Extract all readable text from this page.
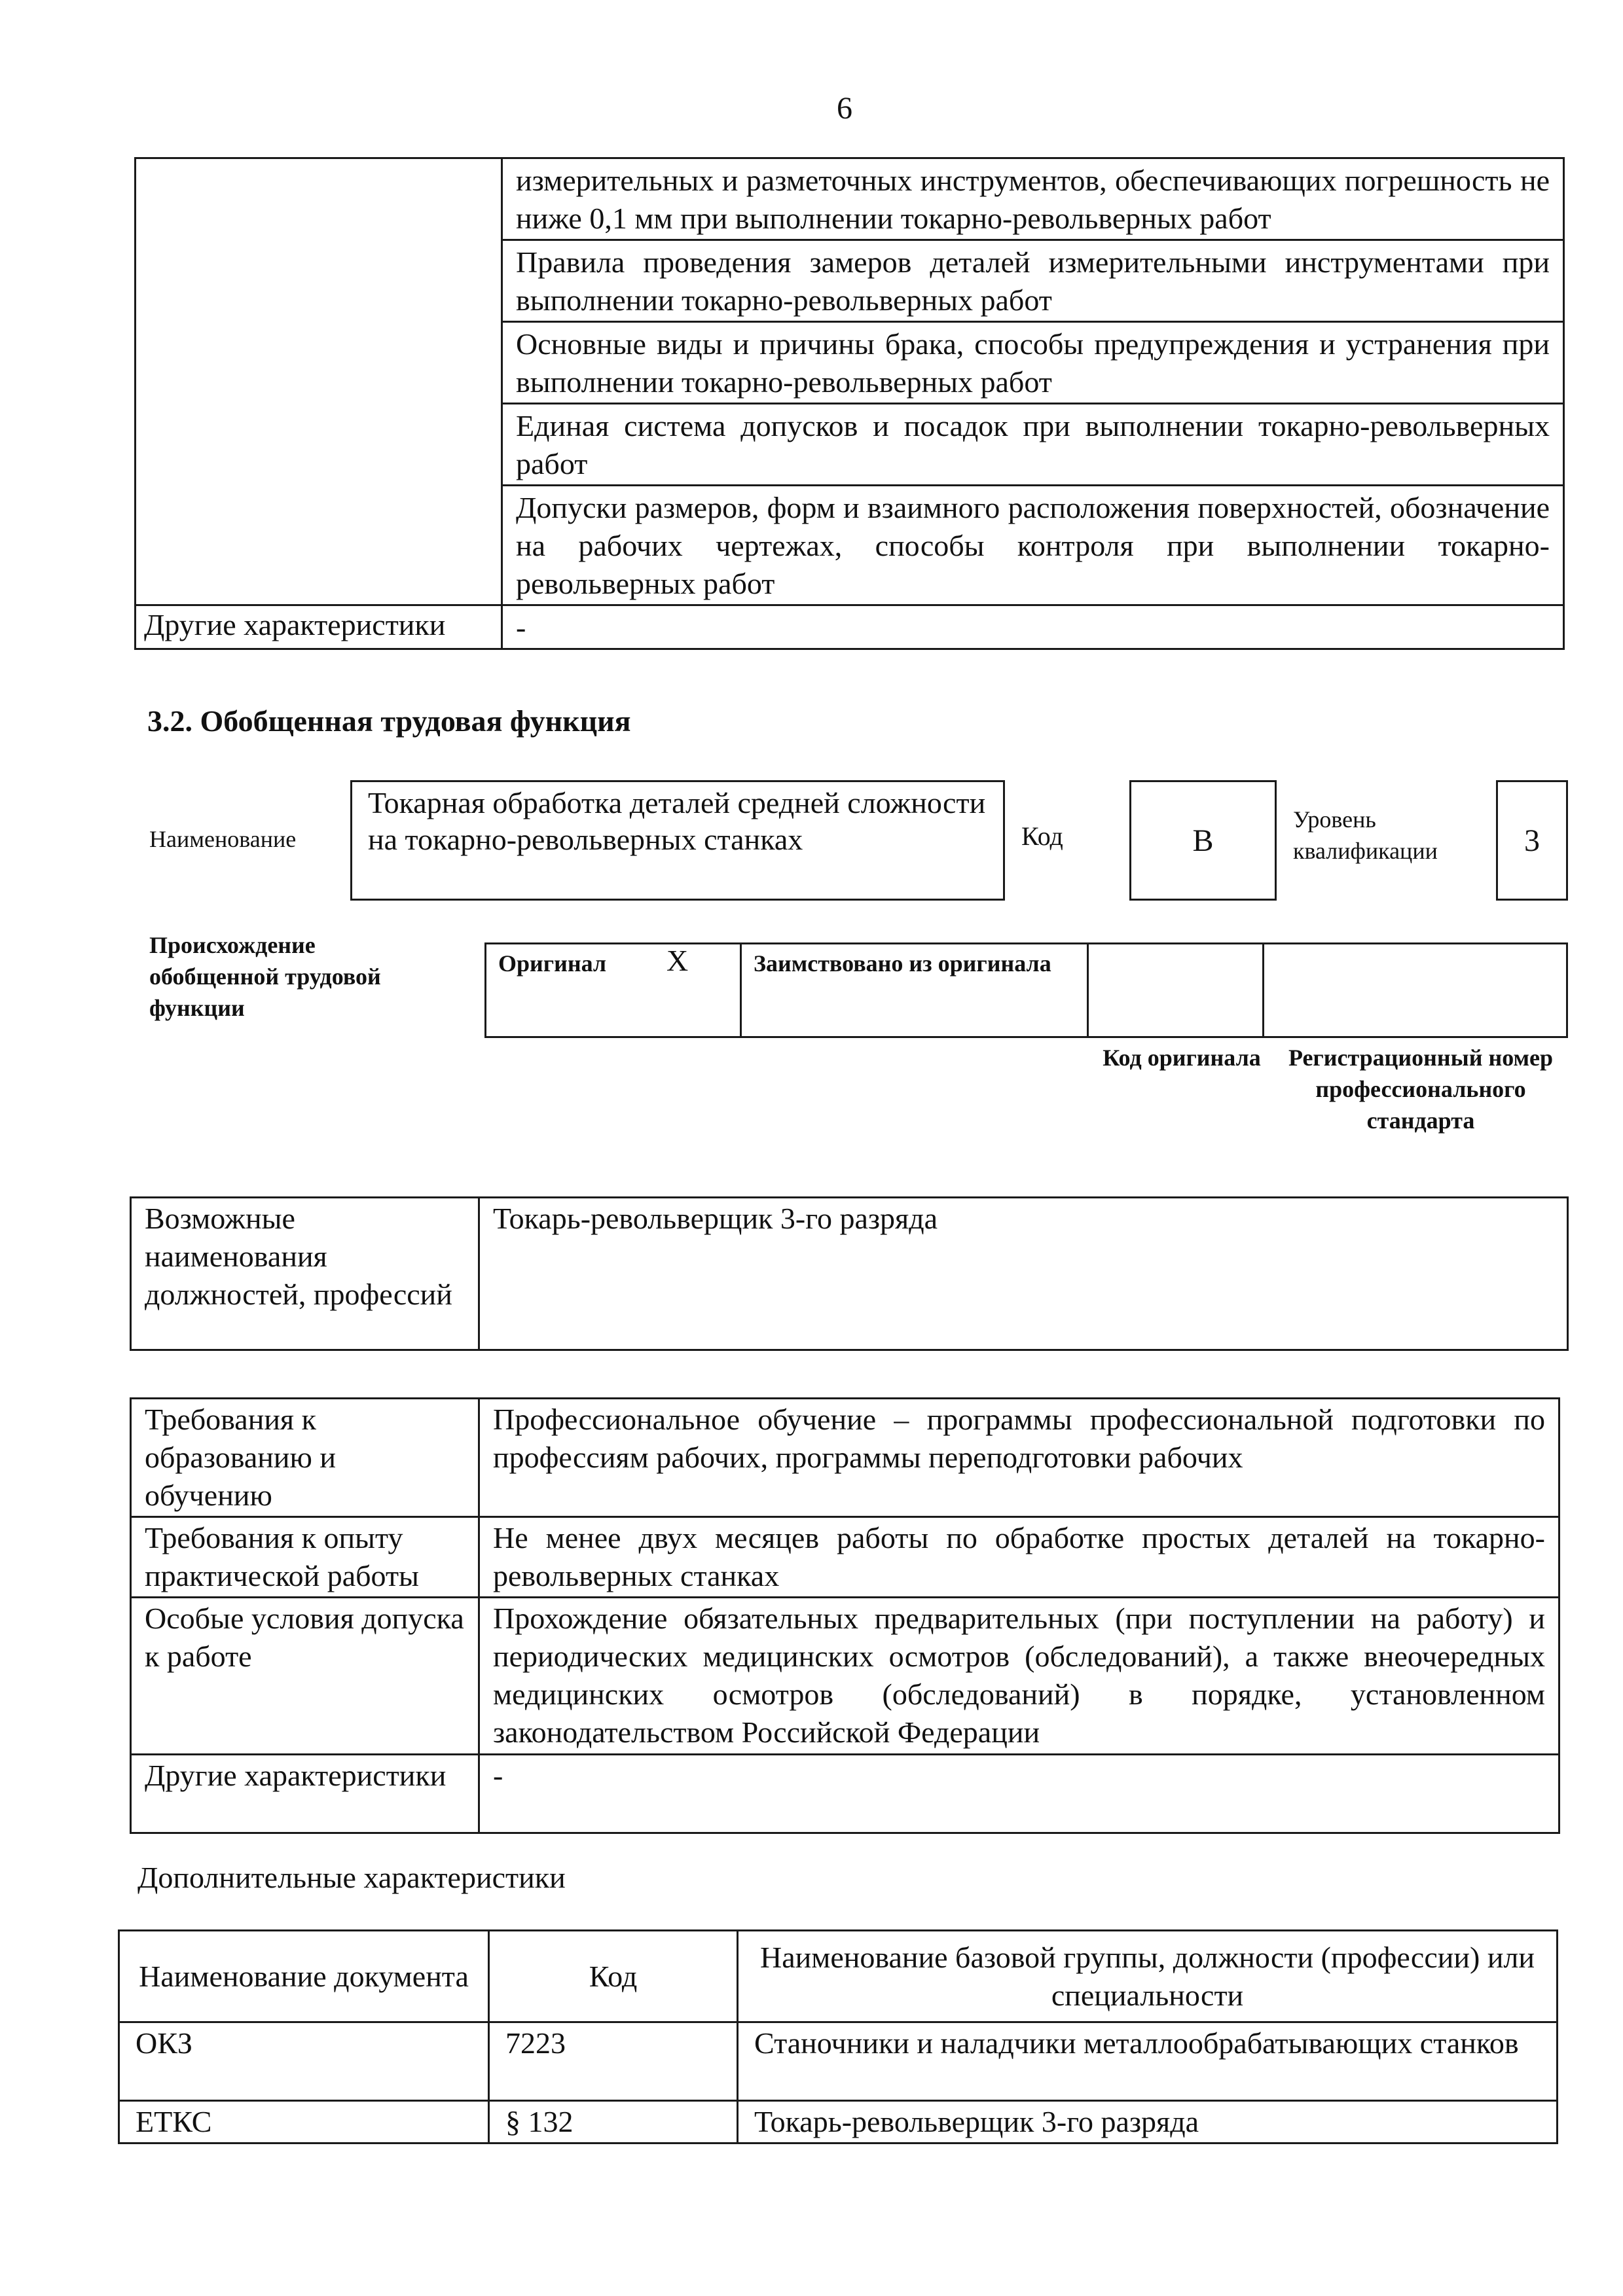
6
	измерительных и разметочных инструментов, обеспечивающих погрешность не ниже 0,1 мм при выполнении токарно-револьверных работ
	Правила проведения замеров деталей измерительными инструментами при выполнении токарно-револьверных работ
	Основные виды и причины брака, способы предупреждения и устранения при выполнении токарно-револьверных работ
	Единая система допусков и посадок при выполнении токарно-револьверных работ
	Допуски размеров, форм и взаимного расположения поверхностей, обозначение на рабочих чертежах, способы контроля при выполнении токарно-револьверных работ
Другие характеристики	-
3.2. Обобщенная трудовая функция
Наименование
Токарная обработка деталей средней сложности на токарно-револьверных станках	Код	B
Уровень квалификации	3
Происхождение обобщенной трудовой функции
Оригинал Х	Заимствовано из оригинала		
Код оригинала	Регистрационный номер профессионального стандарта
Возможные наименования должностей, профессий	Токарь-револьверщик 3-го разряда
Требования к образованию и обучению	Профессиональное обучение – программы профессиональной подготовки по профессиям рабочих, программы переподготовки рабочих
Требования к опыту практической работы	Не менее двух месяцев работы по обработке простых деталей на токарно-револьверных станках
Особые условия допуска к работе	Прохождение обязательных предварительных (при поступлении на работу) и периодических медицинских осмотров (обследований), а также внеочередных медицинских осмотров (обследований) в порядке, установленном законодательством Российской Федерации
Другие характеристики	-
Дополнительные характеристики
Наименование документа	Код	Наименование базовой группы, должности (профессии) или специальности
ОКЗ	7223	Станочники и наладчики металлообрабатывающих станков
ЕТКС	§ 132	Токарь-револьверщик 3-го разряда
